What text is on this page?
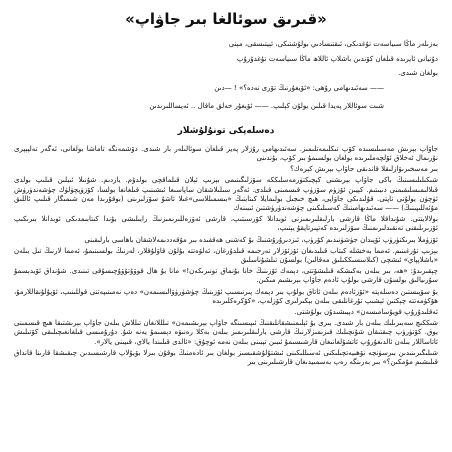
«قىرىق سوئالغا بىر جاۋاپ»

بەزىلەر ماڭا سىياسەت تۇغدىكى، ئىقتىسادىي بولۇشتىكى، ئېيتىسقى، مېنى

دۇنيانى ئايرىدە قىلغان كۆندىن باشلاپ ئاللاھ ماڭا سىياسەت تۇغدۇرۇپ

بولغان شىدى.

—— سەئىدىھامى رۇھى: «ئۆيغۇرنىڭ تۆرى نەدە؟» ! —دىن

شىت سوئاللار پەيدا قىلىن بولۇن كېلىپ. —— ئۆيغۇر خەلق ماقال .. ئەپساللىرىدىن

دەسلەپكى تونۇلۇشلار

جاۋاپ بېرىش مەسىلىسىدە كۆپ تىكلىمەتلىمىز. سەئىدىھامى رۇزلار پەيز قىلغان سوئالىلەر بار شىدى. دۆشمەنگە تاماشا بولغانى، ئەگەر تەلپېپرى نۇرىمال ئەخلاق ئۆلچەملىرىدە بولغان بولسىمۇ بىر كۆپ، بۇندىنى

بىر مەسخىرىۋازلىقلا قاندىقى جاۋاپ بېرىش كېرەك؟

شىكىلىلىسىنىڭ باكى جاۋاپ بېرىشنى كېچىكتۈرمەسلىككە سۆزلىگىنىمى بېزىپ ئېلان قىلماقچى بولدۇم. يازدىم. شۇنىلا ئىبلىن قىلىپ بولدى قىلالىمىسلىقىمنى دىبىتىم. كېيىن ئۆزۈم سۆزۈپ قىسمىنى قىلدى. ئەگەر سىلىلاشقان ساپاسىغا ئىشىنىپ قىلغانغا بولسا، كۆزۈپچۈلۈك چۈشەندۈرۈش ئۈچۈن يولۇنى تاپتى. قۇلىدىكى جاۋاپى، ھىچ خىجىل بولىمايلا كىتابنىڭ «بىسمىللاسى»غىلا ئاشۇ سۆزلىرىنى (بوقۇرىدا مەن شىمىگار قىلىپ ئاللىق مۇئەللىپىنىڭ) —— سەئىدىھامىنىڭ كەسىلىكىنى چۈشەندۈرۈشتىن ئىبىنەك

بولالايتتى. شۇنداقلا ماڭا قارشى بارلىقلىرىمىزنى ئوبدانلا كۆرسىتىپ، قارشى ئەۋزەللىرىمىزنىڭ رايىلىشى بۇندا كىتابىمدىكى ئوبدانلا بىرىكىپ ئۆزىرىلىقنى تەنقىدلىرىمنىڭ سۆزلىرىدە كەتپىرتاپقۇ يېتىپ،

ئۆزۈملا بىرىكتۈرۈپ ئۆپىدان جۈشۈنىدىم كۆرۈپ، ئىزدىرۇرۇشنىڭ بۇ كەشنى ھەققىدە بىر مۇقەددىمەلاشقان باھاسى بارلىقىنى

بېزىپ تۇرغىنىم. ئەمما بەخشلە كىتاب قىلىدىغان ئۆزئۆزلار تەرجىمە قىلدۇرغان، ئەلۋەتتە بۇلۇن قاۋلۇقلار، لەرنىڭ بولسىنىمۇ، ئەمما لارنىڭ تىل بىلەن «باشلاپپاي» ئىشچى (كىلاسسىككىلىق مەقالىن) بولسۇن تىلشۇناسلىق

چېقىرىدۇ: «ھە، بىر بىلەن بەكىشكە قىلىشۆتتى، دېمەك ئۆزىنىڭ خانا بۇنماق تونىرىكەن!» مانا بۇ ھال قوۋۇتۇۋۇچىسۇقى تىنىدى. شۇنداق ئۆيدېسمۇ سۇرىيالىق بولسۇن قارشى بولۇپ ئادەم جاۋاپ بېرىشىم مىكىن.

بۇ سۆپىستىن دەسلەپتە «ئۆزئادەم بىلەن ئاتاق بولۇپ بىر دېمەك پىرنىسىپ ئۆزىنىڭ چۈشۈرۈۋالىسىمەن» دەپ نەمىنىپەتنى قوللىنىپ، ئۆپۇلۇنقاللارمۇ، ھۆكۈمەتتە چېكتىن ئېشىپ تۇرغانلىقى بىلەن بېكىرلىرى كۆزلەپ، «كۆكرەكلىرىدە

ئەقلىدۇرۇپ قويۇسامىسەن» دېيىشىدۇن بولۇشتى.

شىككىچ سەبىرىلىك بىلەن بار شىدى. بىرى بۇ ئېلىمنىشقانلىقنىڭ ئىپىسىنگە جاۋاپ بېرىشىمەن» تىلللانغان تىللاش بىلەن جاۋاپ بېرىشتىقا ھىچ قىسمىنى يوق. كۆتۈرۈپ چىقتىقان شۇنچىلىك قىزىمىزلارنىڭ قارشى بارلىقلىرىمىز بىلەن بەكلا رەنىۋە دېسىمۇ يەنە شۇ. دۇرۇمىسى قىلغانغىچىلىقى كۆتىلىش ئاتاساللار بىلەن ئالدىغۇرۇپ ئاتشۇلغانىغان قارشىسىمۇ ئىبىن تېبىنى بىلەن نەمە ئوچۇق: «ئالدى قىلىندا يالاي، قىيىنى يالار».

شىلىگىرىنىدىن بىرسۈنچە نۆھىيەتچىلىكنى ئەسىللىكىنى ئىشتۇلۇشقىسىز بولغان بىر ئادەمنىڭ بوقۇن بىرلا بۆيۇلاپ قارشىسىدىن چىقىشقا قارىنا قانداق قىلىشىم مۇمكىن؟» بىر بەرىنگە رەپ بەسمىيدىغان قارشىلىرىنى بىر
